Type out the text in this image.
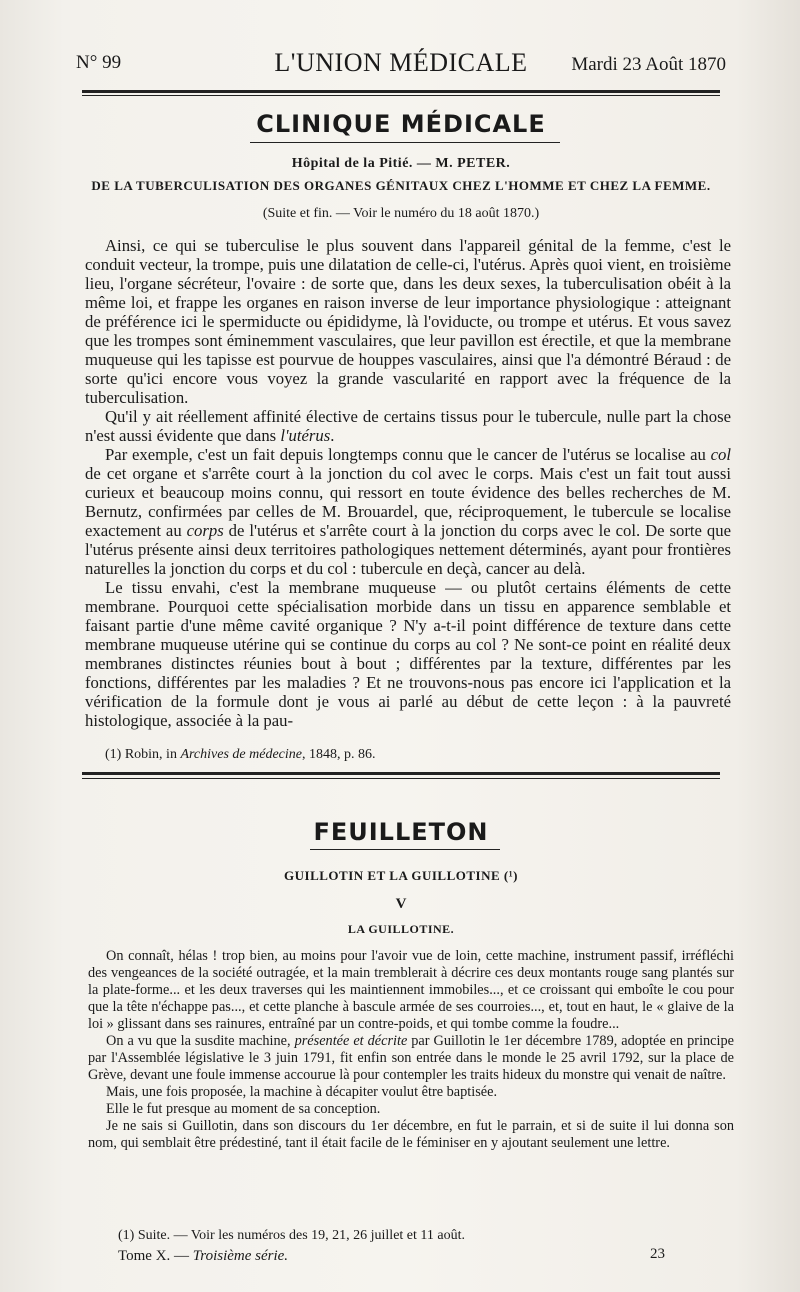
N° 99	L'UNION MÉDICALE	Mardi 23 Août 1870
CLINIQUE MÉDICALE
Hôpital de la Pitié. — M. PETER.
DE LA TUBERCULISATION DES ORGANES GÉNITAUX CHEZ L'HOMME ET CHEZ LA FEMME.
(Suite et fin. — Voir le numéro du 18 août 1870.)

Ainsi, ce qui se tuberculise le plus souvent dans l'appareil génital de la femme, c'est le conduit vecteur, la trompe, puis une dilatation de celle-ci, l'utérus. Après quoi vient, en troisième lieu, l'organe sécréteur, l'ovaire : de sorte que, dans les deux sexes, la tuberculisation obéit à la même loi, et frappe les organes en raison inverse de leur importance physiologique : atteignant de préférence ici le spermiducte ou épididyme, là l'oviducte, ou trompe et utérus. Et vous savez que les trompes sont éminemment vasculaires, que leur pavillon est érectile, et que la membrane muqueuse qui les tapisse est pourvue de houppes vasculaires, ainsi que l'a démontré Béraud : de sorte qu'ici encore vous voyez la grande vascularité en rapport avec la fréquence de la tuberculisation.

Qu'il y ait réellement affinité élective de certains tissus pour le tubercule, nulle part la chose n'est aussi évidente que dans l'utérus.

Par exemple, c'est un fait depuis longtemps connu que le cancer de l'utérus se localise au col de cet organe et s'arrête court à la jonction du col avec le corps. Mais c'est un fait tout aussi curieux et beaucoup moins connu, qui ressort en toute évidence des belles recherches de M. Bernutz, confirmées par celles de M. Brouardel, que, réciproquement, le tubercule se localise exactement au corps de l'utérus et s'arrête court à la jonction du corps avec le col. De sorte que l'utérus présente ainsi deux territoires pathologiques nettement déterminés, ayant pour frontières naturelles la jonction du corps et du col : tubercule en deçà, cancer au delà.

Le tissu envahi, c'est la membrane muqueuse — ou plutôt certains éléments de cette membrane. Pourquoi cette spécialisation morbide dans un tissu en apparence semblable et faisant partie d'une même cavité organique ? N'y a-t-il point différence de texture dans cette membrane muqueuse utérine qui se continue du corps au col ? Ne sont-ce point en réalité deux membranes distinctes réunies bout à bout ; différentes par la texture, différentes par les fonctions, différentes par les maladies ? Et ne trouvons-nous pas encore ici l'application et la vérification de la formule dont je vous ai parlé au début de cette leçon : à la pauvreté histologique, associée à la pau-

(1) Robin, in Archives de médecine, 1848, p. 86.

FEUILLETON
GUILLOTIN ET LA GUILLOTINE (¹)
V
LA GUILLOTINE.

On connaît, hélas ! trop bien, au moins pour l'avoir vue de loin, cette machine, instrument passif, irréfléchi des vengeances de la société outragée, et la main tremblerait à décrire ces deux montants rouge sang plantés sur la plate-forme... et les deux traverses qui les maintiennent immobiles..., et ce croissant qui emboîte le cou pour que la tête n'échappe pas..., et cette planche à bascule armée de ses courroies..., et, tout en haut, le « glaive de la loi » glissant dans ses rainures, entraîné par un contre-poids, et qui tombe comme la foudre...

On a vu que la susdite machine, présentée et décrite par Guillotin le 1er décembre 1789, adoptée en principe par l'Assemblée législative le 3 juin 1791, fit enfin son entrée dans le monde le 25 avril 1792, sur la place de Grève, devant une foule immense accourue là pour contempler les traits hideux du monstre qui venait de naître.

Mais, une fois proposée, la machine à décapiter voulut être baptisée.

Elle le fut presque au moment de sa conception.

Je ne sais si Guillotin, dans son discours du 1er décembre, en fut le parrain, et si de suite il lui donna son nom, qui semblait être prédestiné, tant il était facile de le féminiser en y ajoutant seulement une lettre.

(1) Suite. — Voir les numéros des 19, 21, 26 juillet et 11 août.

Tome X. — Troisième série.	23
